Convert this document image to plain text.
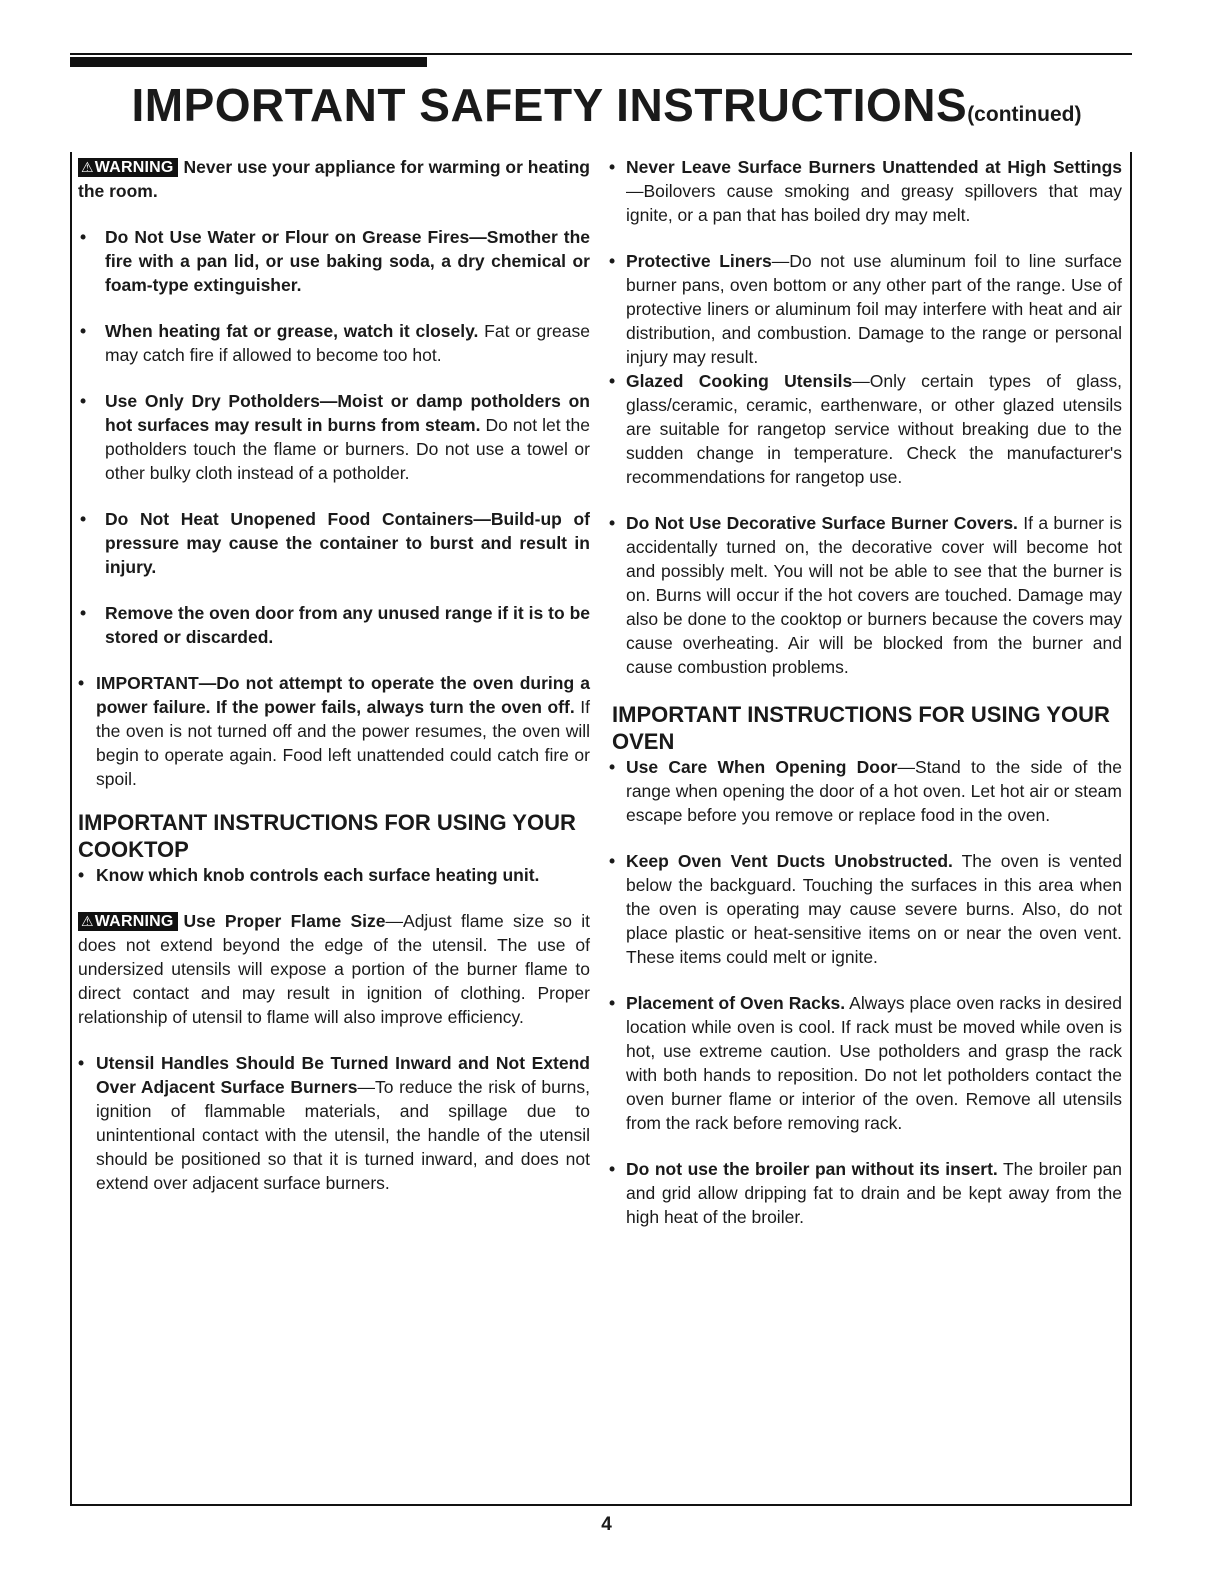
IMPORTANT SAFETY INSTRUCTIONS(continued)

⚠WARNING Never use your appliance for warming or heating the room.

• Do Not Use Water or Flour on Grease Fires—Smother the fire with a pan lid, or use baking soda, a dry chemical or foam-type extinguisher.
• When heating fat or grease, watch it closely. Fat or grease may catch fire if allowed to become too hot.
• Use Only Dry Potholders—Moist or damp potholders on hot surfaces may result in burns from steam. Do not let the potholders touch the flame or burners. Do not use a towel or other bulky cloth instead of a potholder.
• Do Not Heat Unopened Food Containers—Build-up of pressure may cause the container to burst and result in injury.
• Remove the oven door from any unused range if it is to be stored or discarded.
• IMPORTANT—Do not attempt to operate the oven during a power failure. If the power fails, always turn the oven off. If the oven is not turned off and the power resumes, the oven will begin to operate again. Food left unattended could catch fire or spoil.

IMPORTANT INSTRUCTIONS FOR USING YOUR COOKTOP

• Know which knob controls each surface heating unit.

⚠WARNING Use Proper Flame Size—Adjust flame size so it does not extend beyond the edge of the utensil. The use of undersized utensils will expose a portion of the burner flame to direct contact and may result in ignition of clothing. Proper relationship of utensil to flame will also improve efficiency.

• Utensil Handles Should Be Turned Inward and Not Extend Over Adjacent Surface Burners—To reduce the risk of burns, ignition of flammable materials, and spillage due to unintentional contact with the utensil, the handle of the utensil should be positioned so that it is turned inward, and does not extend over adjacent surface burners.
• Never Leave Surface Burners Unattended at High Settings—Boilovers cause smoking and greasy spillovers that may ignite, or a pan that has boiled dry may melt.
• Protective Liners—Do not use aluminum foil to line surface burner pans, oven bottom or any other part of the range. Use of protective liners or aluminum foil may interfere with heat and air distribution, and combustion. Damage to the range or personal injury may result.
• Glazed Cooking Utensils—Only certain types of glass, glass/ceramic, ceramic, earthenware, or other glazed utensils are suitable for rangetop service without breaking due to the sudden change in temperature. Check the manufacturer's recommendations for rangetop use.
• Do Not Use Decorative Surface Burner Covers. If a burner is accidentally turned on, the decorative cover will become hot and possibly melt. You will not be able to see that the burner is on. Burns will occur if the hot covers are touched. Damage may also be done to the cooktop or burners because the covers may cause overheating. Air will be blocked from the burner and cause combustion problems.

IMPORTANT INSTRUCTIONS FOR USING YOUR OVEN

• Use Care When Opening Door—Stand to the side of the range when opening the door of a hot oven. Let hot air or steam escape before you remove or replace food in the oven.
• Keep Oven Vent Ducts Unobstructed. The oven is vented below the backguard. Touching the surfaces in this area when the oven is operating may cause severe burns. Also, do not place plastic or heat-sensitive items on or near the oven vent. These items could melt or ignite.
• Placement of Oven Racks. Always place oven racks in desired location while oven is cool. If rack must be moved while oven is hot, use extreme caution. Use potholders and grasp the rack with both hands to reposition. Do not let potholders contact the oven burner flame or interior of the oven. Remove all utensils from the rack before removing rack.
• Do not use the broiler pan without its insert. The broiler pan and grid allow dripping fat to drain and be kept away from the high heat of the broiler.
4
